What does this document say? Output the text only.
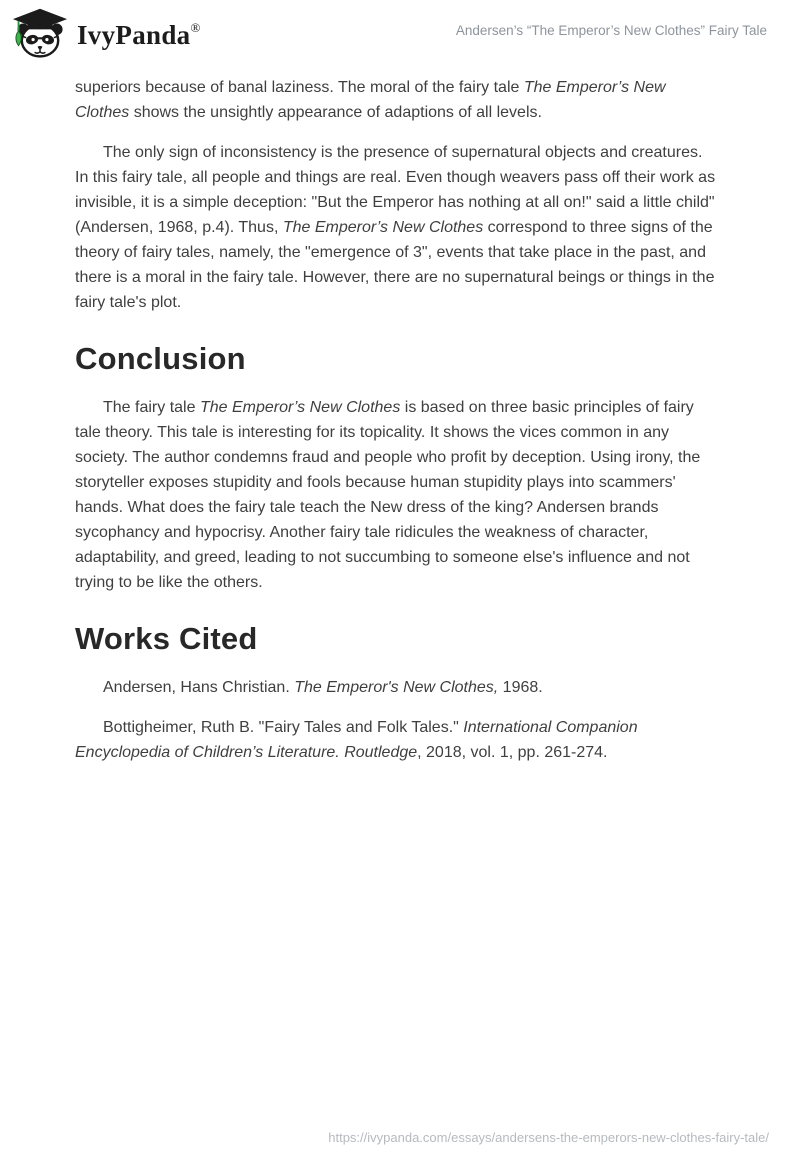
IvyPanda®	Andersen’s “The Emperor’s New Clothes” Fairy Tale

superiors because of banal laziness. The moral of the fairy tale The Emperor’s New Clothes shows the unsightly appearance of adaptions of all levels.

The only sign of inconsistency is the presence of supernatural objects and creatures. In this fairy tale, all people and things are real. Even though weavers pass off their work as invisible, it is a simple deception: "But the Emperor has nothing at all on!" said a little child"(Andersen, 1968, p.4). Thus, The Emperor’s New Clothes correspond to three signs of the theory of fairy tales, namely, the "emergence of 3", events that take place in the past, and there is a moral in the fairy tale. However, there are no supernatural beings or things in the fairy tale's plot.

Conclusion

The fairy tale The Emperor’s New Clothes is based on three basic principles of fairy tale theory. This tale is interesting for its topicality. It shows the vices common in any society. The author condemns fraud and people who profit by deception. Using irony, the storyteller exposes stupidity and fools because human stupidity plays into scammers' hands. What does the fairy tale teach the New dress of the king? Andersen brands sycophancy and hypocrisy. Another fairy tale ridicules the weakness of character, adaptability, and greed, leading to not succumbing to someone else's influence and not trying to be like the others.

Works Cited

Andersen, Hans Christian. The Emperor's New Clothes, 1968.

Bottigheimer, Ruth B. "Fairy Tales and Folk Tales." International Companion Encyclopedia of Children’s Literature. Routledge, 2018, vol. 1, pp. 261-274.

https://ivypanda.com/essays/andersens-the-emperors-new-clothes-fairy-tale/
